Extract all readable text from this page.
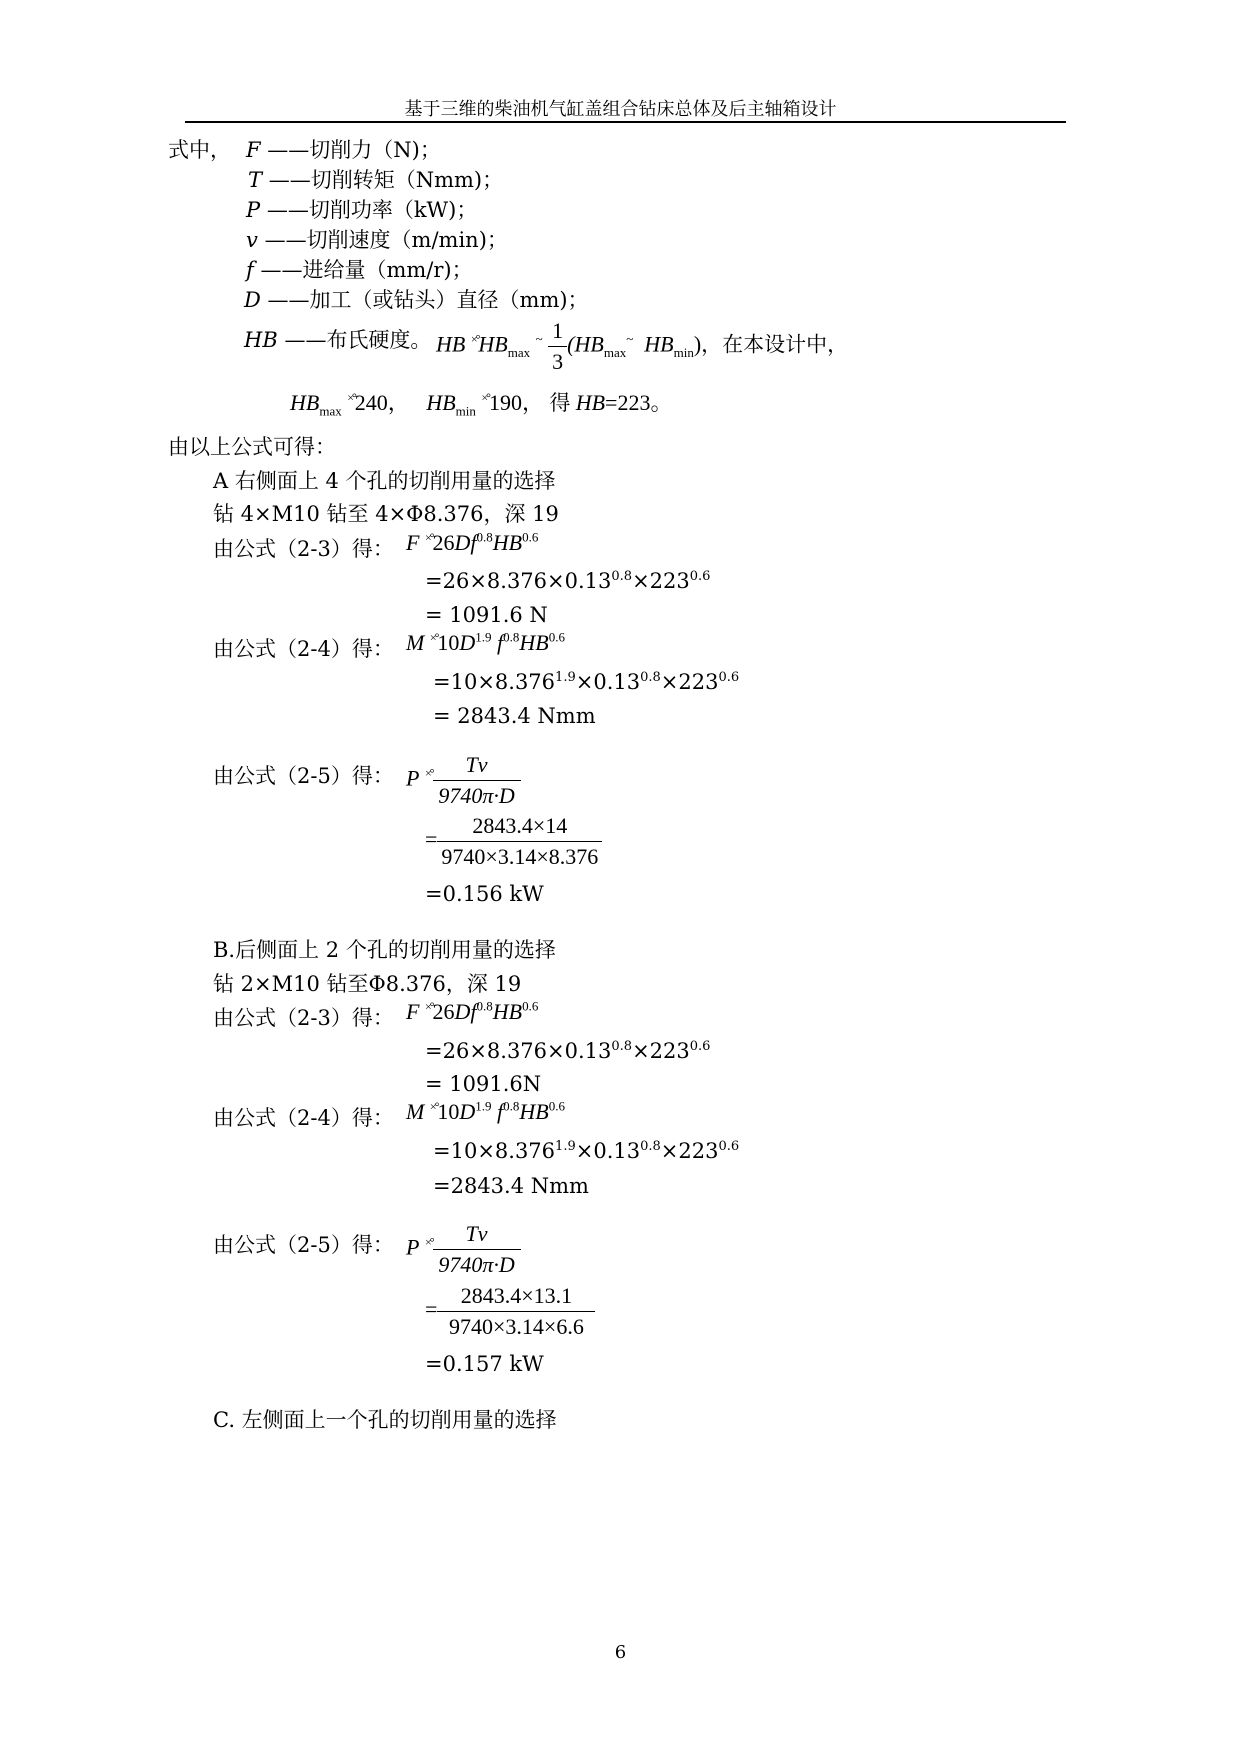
基于三维的柴油机气缸盖组合钻床总体及后主轴箱设计
式中， F ——切削力（N)；
T ——切削转矩（Nmm)；
P ——切削功率（kW)；
v ——切削速度（m/min)；
f ——进给量（mm/r)；
D ——加工（或钻头）直径（mm)；
HB ——布氏硬度。 HB $^{\times^\circ}HB_{max}$ $^\sim \frac{1}{3} (HB_{max}^\sim$ $HB_{min}$)，在本设计中，
$HB_{max}$ ×°240， $HB_{min}$ ×°190， 得 HB=223。
由以上公式可得：
A 右侧面上 4 个孔的切削用量的选择
钻 4×M10 钻至 4×Φ8.376，深 19
由公式（2-3）得： F $^{\times^\circ}26Df^{0.8}HB^{0.6}$
$=26\times 8.376\times 0.13^{0.8}\times 223^{0.6}$
= 1091.6 N
由公式（2-4）得： M $^{\times^\circ}10D^{1.9}$ $f^{0.8}HB^{0.6}$
$=10\times 8.376^{1.9}\times 0.13^{0.8}\times 223^{0.6}$
= 2843.4 Nmm
由公式（2-5）得： P $^{\times^\circ} \frac{Tv}{9740\pi\cdot D}$
= $\frac{2843.4\times 14}{9740\times 3.14\times 8.376}$
=0.156 kW
B.后侧面上 2 个孔的切削用量的选择
钻 2×M10 钻至Φ8.376，深 19
由公式（2-3）得： F $^{\times^\circ}26Df^{0.8}HB^{0.6}$
$=26\times 8.376\times 0.13^{0.8}\times 223^{0.6}$
= 1091.6N
由公式（2-4）得： M $^{\times^\circ}10D^{1.9}$ $f^{0.8}HB^{0.6}$
$=10\times 8.376^{1.9}\times 0.13^{0.8}\times 223^{0.6}$
=2843.4 Nmm
由公式（2-5）得： P $^{\times^\circ} \frac{Tv}{9740\pi\cdot D}$
= $\frac{2843.4\times 13.1}{9740\times 3.14\times 6.6}$
=0.157 kW
C. 左侧面上一个孔的切削用量的选择
6
